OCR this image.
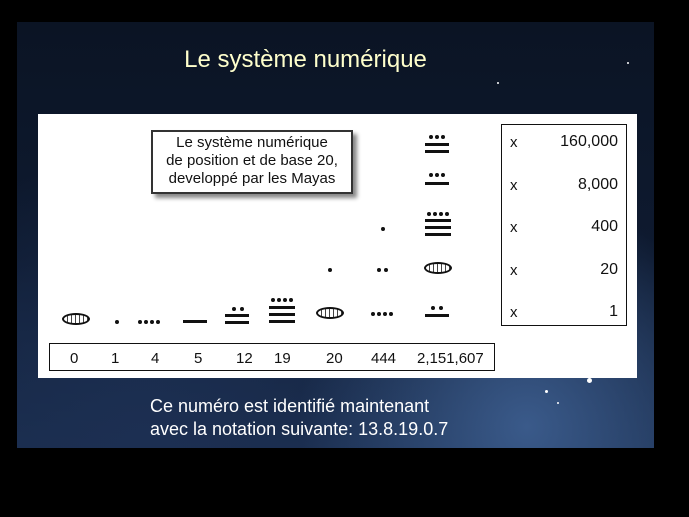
Le système numérique
Le système numérique
de position et de base 20,
developpé par les Mayas
0 1 4 5 12 19 20 444 2,151,607
x	160,000
x	8,000
x	400
x	20
x	1
Ce numéro est identifié maintenant
avec la notation suivante: 13.8.19.0.7
